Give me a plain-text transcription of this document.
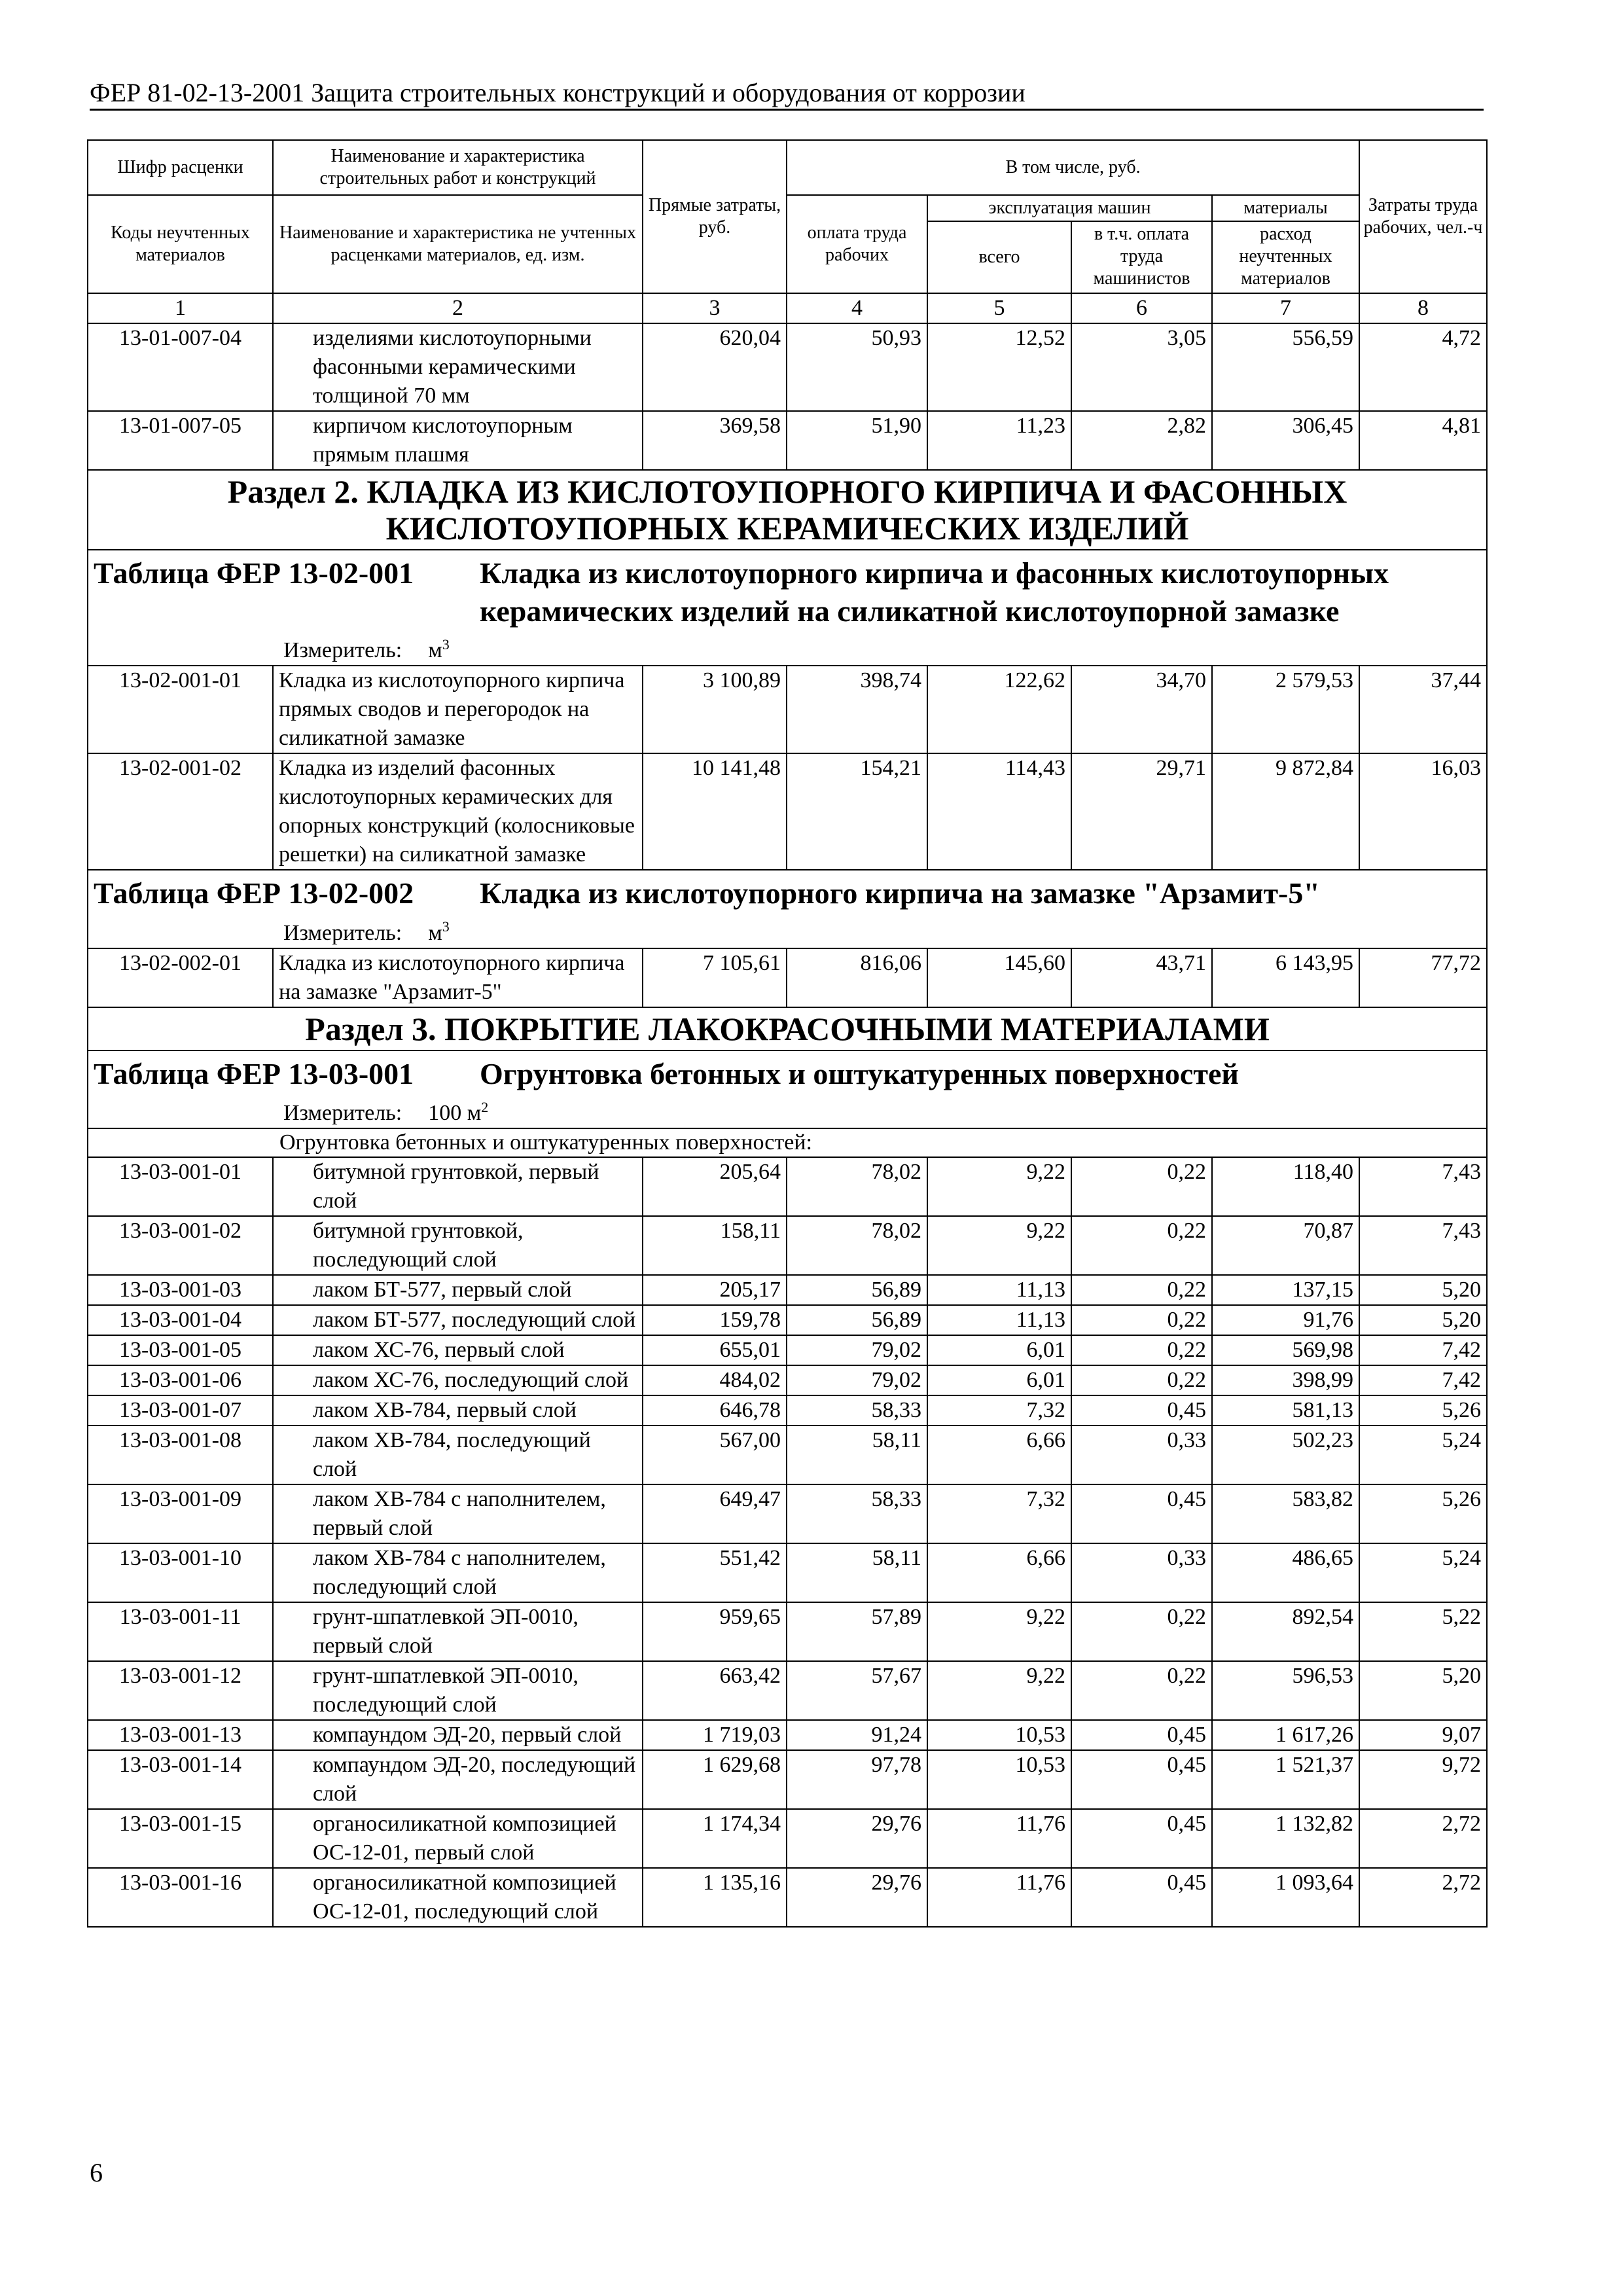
ФЕР 81-02-13-2001 Защита строительных конструкций и оборудования от коррозии
Шифр расценки	Наименование и характеристика строительных работ и конструкций	Прямые затраты, руб.	В том числе, руб.				Затраты труда рабочих, чел.-ч
Коды неучтенных материалов	Наименование и характеристика не учтенных расценками материалов, ед. изм.		оплата труда рабочих	эксплуатация машин		материалы	
				всего	в т.ч. оплата труда машинистов	расход неучтенных материалов	
1	2	3	4	5	6	7	8
13-01-007-04	изделиями кислотоупорными фасонными керамическими толщиной 70 мм	620,04	50,93	12,52	3,05	556,59	4,72
13-01-007-05	кирпичом кислотоупорным прямым плашмя	369,58	51,90	11,23	2,82	306,45	4,81
Раздел 2. КЛАДКА ИЗ КИСЛОТОУПОРНОГО КИРПИЧА И ФАСОННЫХ КИСЛОТОУПОРНЫХ КЕРАМИЧЕСКИХ ИЗДЕЛИЙ							
Таблица ФЕР 13-02-001 Кладка из кислотоупорного кирпича и фасонных кислотоупорных керамических изделий на силикатной кислотоупорной замазке							
Измеритель: $м^3$
13-02-001-01	Кладка из кислотоупорного кирпича прямых сводов и перегородок на силикатной замазке	3 100,89	398,74	122,62	34,70	2 579,53	37,44
13-02-001-02	Кладка из изделий фасонных кислотоупорных керамических для опорных конструкций (колосниковые решетки) на силикатной замазке	10 141,48	154,21	114,43	29,71	9 872,84	16,03
Таблица ФЕР 13-02-002 Кладка из кислотоупорного кирпича на замазке "Арзамит-5"							
Измеритель: $м^3$
13-02-002-01	Кладка из кислотоупорного кирпича на замазке "Арзамит-5"	7 105,61	816,06	145,60	43,71	6 143,95	77,72
Раздел 3. ПОКРЫТИЕ ЛАКОКРАСОЧНЫМИ МАТЕРИАЛАМИ							
Таблица ФЕР 13-03-001 Огрунтовка бетонных и оштукатуренных поверхностей							
Измеритель: 100 $м^2$
Огрунтовка бетонных и оштукатуренных поверхностей:							
13-03-001-01	битумной грунтовкой, первый слой	205,64	78,02	9,22	0,22	118,40	7,43
13-03-001-02	битумной грунтовкой, последующий слой	158,11	78,02	9,22	0,22	70,87	7,43
13-03-001-03	лаком БТ-577, первый слой	205,17	56,89	11,13	0,22	137,15	5,20
13-03-001-04	лаком БТ-577, последующий слой	159,78	56,89	11,13	0,22	91,76	5,20
13-03-001-05	лаком ХС-76, первый слой	655,01	79,02	6,01	0,22	569,98	7,42
13-03-001-06	лаком ХС-76, последующий слой	484,02	79,02	6,01	0,22	398,99	7,42
13-03-001-07	лаком ХВ-784, первый слой	646,78	58,33	7,32	0,45	581,13	5,26
13-03-001-08	лаком ХВ-784, последующий слой	567,00	58,11	6,66	0,33	502,23	5,24
13-03-001-09	лаком ХВ-784 с наполнителем, первый слой	649,47	58,33	7,32	0,45	583,82	5,26
13-03-001-10	лаком ХВ-784 с наполнителем, последующий слой	551,42	58,11	6,66	0,33	486,65	5,24
13-03-001-11	грунт-шпатлевкой ЭП-0010, первый слой	959,65	57,89	9,22	0,22	892,54	5,22
13-03-001-12	грунт-шпатлевкой ЭП-0010, последующий слой	663,42	57,67	9,22	0,22	596,53	5,20
13-03-001-13	компаундом ЭД-20, первый слой	1 719,03	91,24	10,53	0,45	1 617,26	9,07
13-03-001-14	компаундом ЭД-20, последующий слой	1 629,68	97,78	10,53	0,45	1 521,37	9,72
13-03-001-15	органосиликатной композицией ОС-12-01, первый слой	1 174,34	29,76	11,76	0,45	1 132,82	2,72
13-03-001-16	органосиликатной композицией ОС-12-01, последующий слой	1 135,16	29,76	11,76	0,45	1 093,64	2,72
6
